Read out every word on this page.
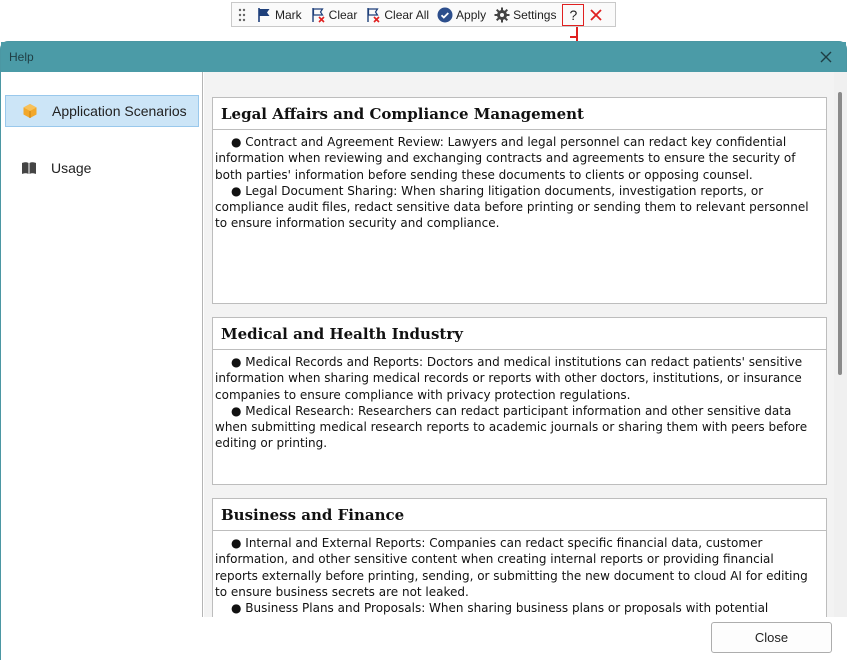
Mark Clear Clear All Apply Settings ?
Help
Application Scenarios
Usage
Legal Affairs and Compliance Management

● Contract and Agreement Review: Lawyers and legal personnel can redact key confidential information when reviewing and exchanging contracts and agreements to ensure the security of both parties' information before sending these documents to clients or opposing counsel.

● Legal Document Sharing: When sharing litigation documents, investigation reports, or compliance audit files, redact sensitive data before printing or sending them to relevant personnel to ensure information security and compliance.

Medical and Health Industry

● Medical Records and Reports: Doctors and medical institutions can redact patients' sensitive information when sharing medical records or reports with other doctors, institutions, or insurance companies to ensure compliance with privacy protection regulations.

● Medical Research: Researchers can redact participant information and other sensitive data when submitting medical research reports to academic journals or sharing them with peers before editing or printing.

Business and Finance

● Internal and External Reports: Companies can redact specific financial data, customer information, and other sensitive content when creating internal reports or providing financial reports externally before printing, sending, or submitting the new document to cloud AI for editing to ensure business secrets are not leaked.

● Business Plans and Proposals: When sharing business plans or proposals with potential

Close
